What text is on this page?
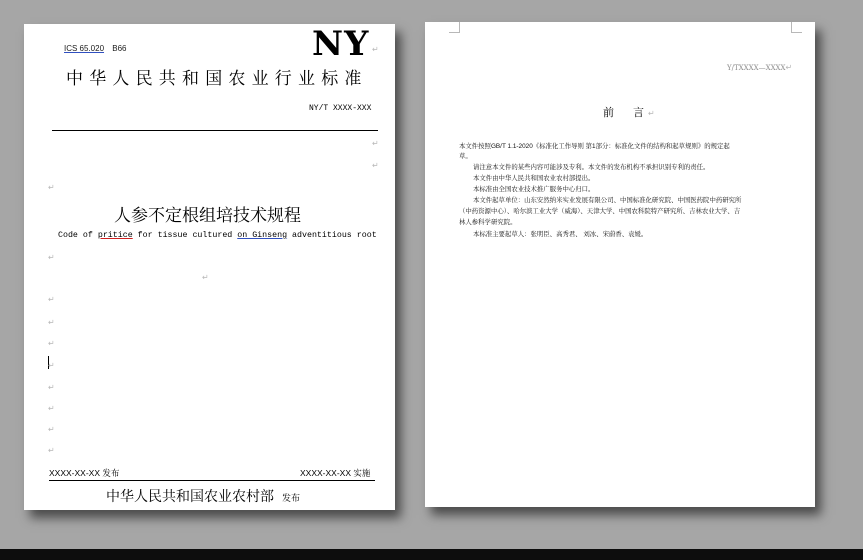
ICS 65.020 B66	NY ↵
中华人民共和国农业行业标准
NY/T XXXX-XXX
↵
↵
↵
人参不定根组培技术规程
Code of pritice for tissue cultured on Ginseng adventitious root
↵
↵
↵
↵
↵
↵
↵
↵
↵
↵
XXXX-XX-XX 发布	XXXX-XX-XX 实施
中华人民共和国农业农村部 发布
Y/TXXXX—XXXX↵
前　言↵
本文件按照GB/T 1.1-2020《标准化工作导则 第1部分：标准化文件的结构和起草规则》的规定起
草。
请注意本文件的某些内容可能涉及专利。本文件的发布机构不承担识别专利的责任。
本文件由中华人民共和国农业农村部提出。
本标准由全国农业技术推广服务中心归口。
本文件起草单位：山东安然纳米实业发展有限公司、中国标准化研究院、中国医药院中药研究所
（中药资源中心）、哈尔滨工业大学（威海）、天津大学、中国农科院特产研究所、吉林农业大学、吉
林人参科学研究院。
本标准主要起草人：张明臣、高秀君、 刘冰、宋蔚香、袁媛。
